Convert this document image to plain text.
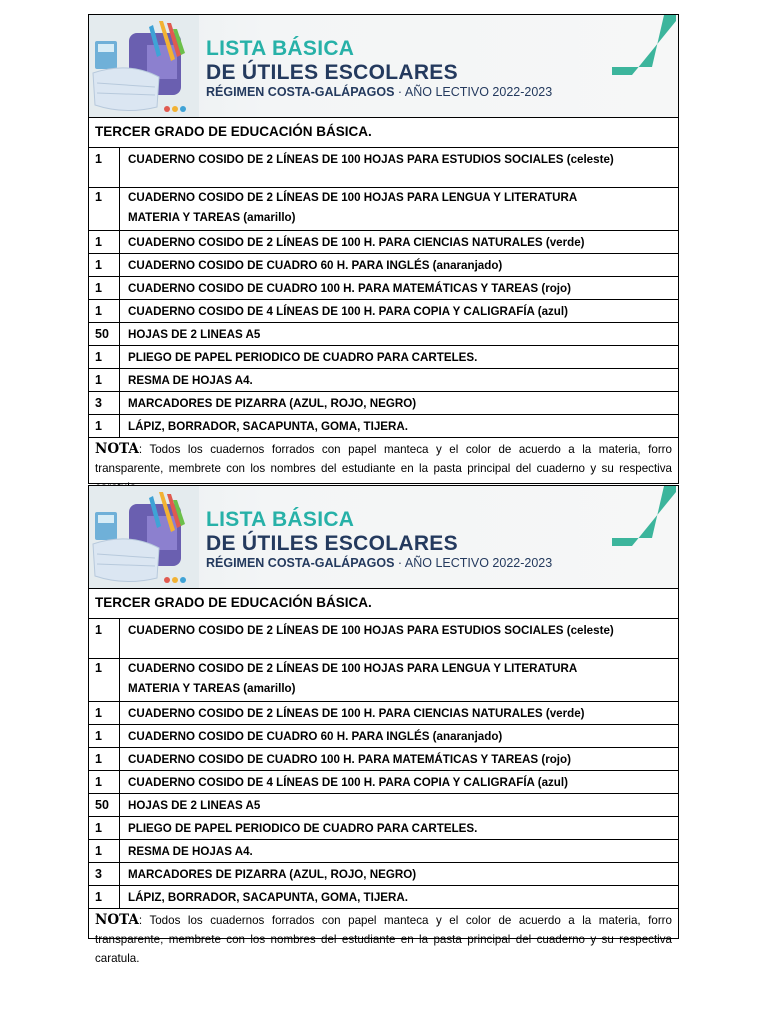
LISTA BÁSICA
DE ÚTILES ESCOLARES
RÉGIMEN COSTA-GALÁPAGOS · AÑO LECTIVO 2022-2023
TERCER GRADO DE EDUCACIÓN BÁSICA.
1	CUADERNO COSIDO DE 2 LÍNEAS DE 100 HOJAS PARA ESTUDIOS SOCIALES (celeste)
1	CUADERNO COSIDO DE 2 LÍNEAS DE 100 HOJAS PARA LENGUA Y LITERATURA
MATERIA Y TAREAS (amarillo)

1	CUADERNO COSIDO DE 2 LÍNEAS DE 100 H. PARA CIENCIAS NATURALES (verde)
1	CUADERNO COSIDO DE CUADRO 60 H. PARA INGLÉS (anaranjado)
1	CUADERNO COSIDO DE CUADRO 100 H. PARA MATEMÁTICAS Y TAREAS (rojo)
1	CUADERNO COSIDO DE 4 LÍNEAS DE 100 H. PARA COPIA Y CALIGRAFÍA (azul)
50	HOJAS DE 2 LINEAS A5
1	PLIEGO DE PAPEL PERIODICO DE CUADRO PARA CARTELES.
1	RESMA DE HOJAS A4.
3	MARCADORES DE PIZARRA (AZUL, ROJO, NEGRO)
1	LÁPIZ, BORRADOR, SACAPUNTA, GOMA, TIJERA.
NOTA: Todos los cuadernos forrados con papel manteca y el color de acuerdo a la materia, forro transparente, membrete con los nombres del estudiante en la pasta principal del cuaderno y su respectiva
LISTA BÁSICA
DE ÚTILES ESCOLARES
RÉGIMEN COSTA-GALÁPAGOS · AÑO LECTIVO 2022-2023
TERCER GRADO DE EDUCACIÓN BÁSICA.
1	CUADERNO COSIDO DE 2 LÍNEAS DE 100 HOJAS PARA ESTUDIOS SOCIALES (celeste)
1	CUADERNO COSIDO DE 2 LÍNEAS DE 100 HOJAS PARA LENGUA Y LITERATURA
MATERIA Y TAREAS (amarillo)

1	CUADERNO COSIDO DE 2 LÍNEAS DE 100 H. PARA CIENCIAS NATURALES (verde)
1	CUADERNO COSIDO DE CUADRO 60 H. PARA INGLÉS (anaranjado)
1	CUADERNO COSIDO DE CUADRO 100 H. PARA MATEMÁTICAS Y TAREAS (rojo)
1	CUADERNO COSIDO DE 4 LÍNEAS DE 100 H. PARA COPIA Y CALIGRAFÍA (azul)
50	HOJAS DE 2 LINEAS A5
1	PLIEGO DE PAPEL PERIODICO DE CUADRO PARA CARTELES.
1	RESMA DE HOJAS A4.
3	MARCADORES DE PIZARRA (AZUL, ROJO, NEGRO)
1	LÁPIZ, BORRADOR, SACAPUNTA, GOMA, TIJERA.
NOTA: Todos los cuadernos forrados con papel manteca y el color de acuerdo a la materia, forro transparente, membrete con los nombres del estudiante en la pasta principal del cuaderno y su respectiva caratula.
